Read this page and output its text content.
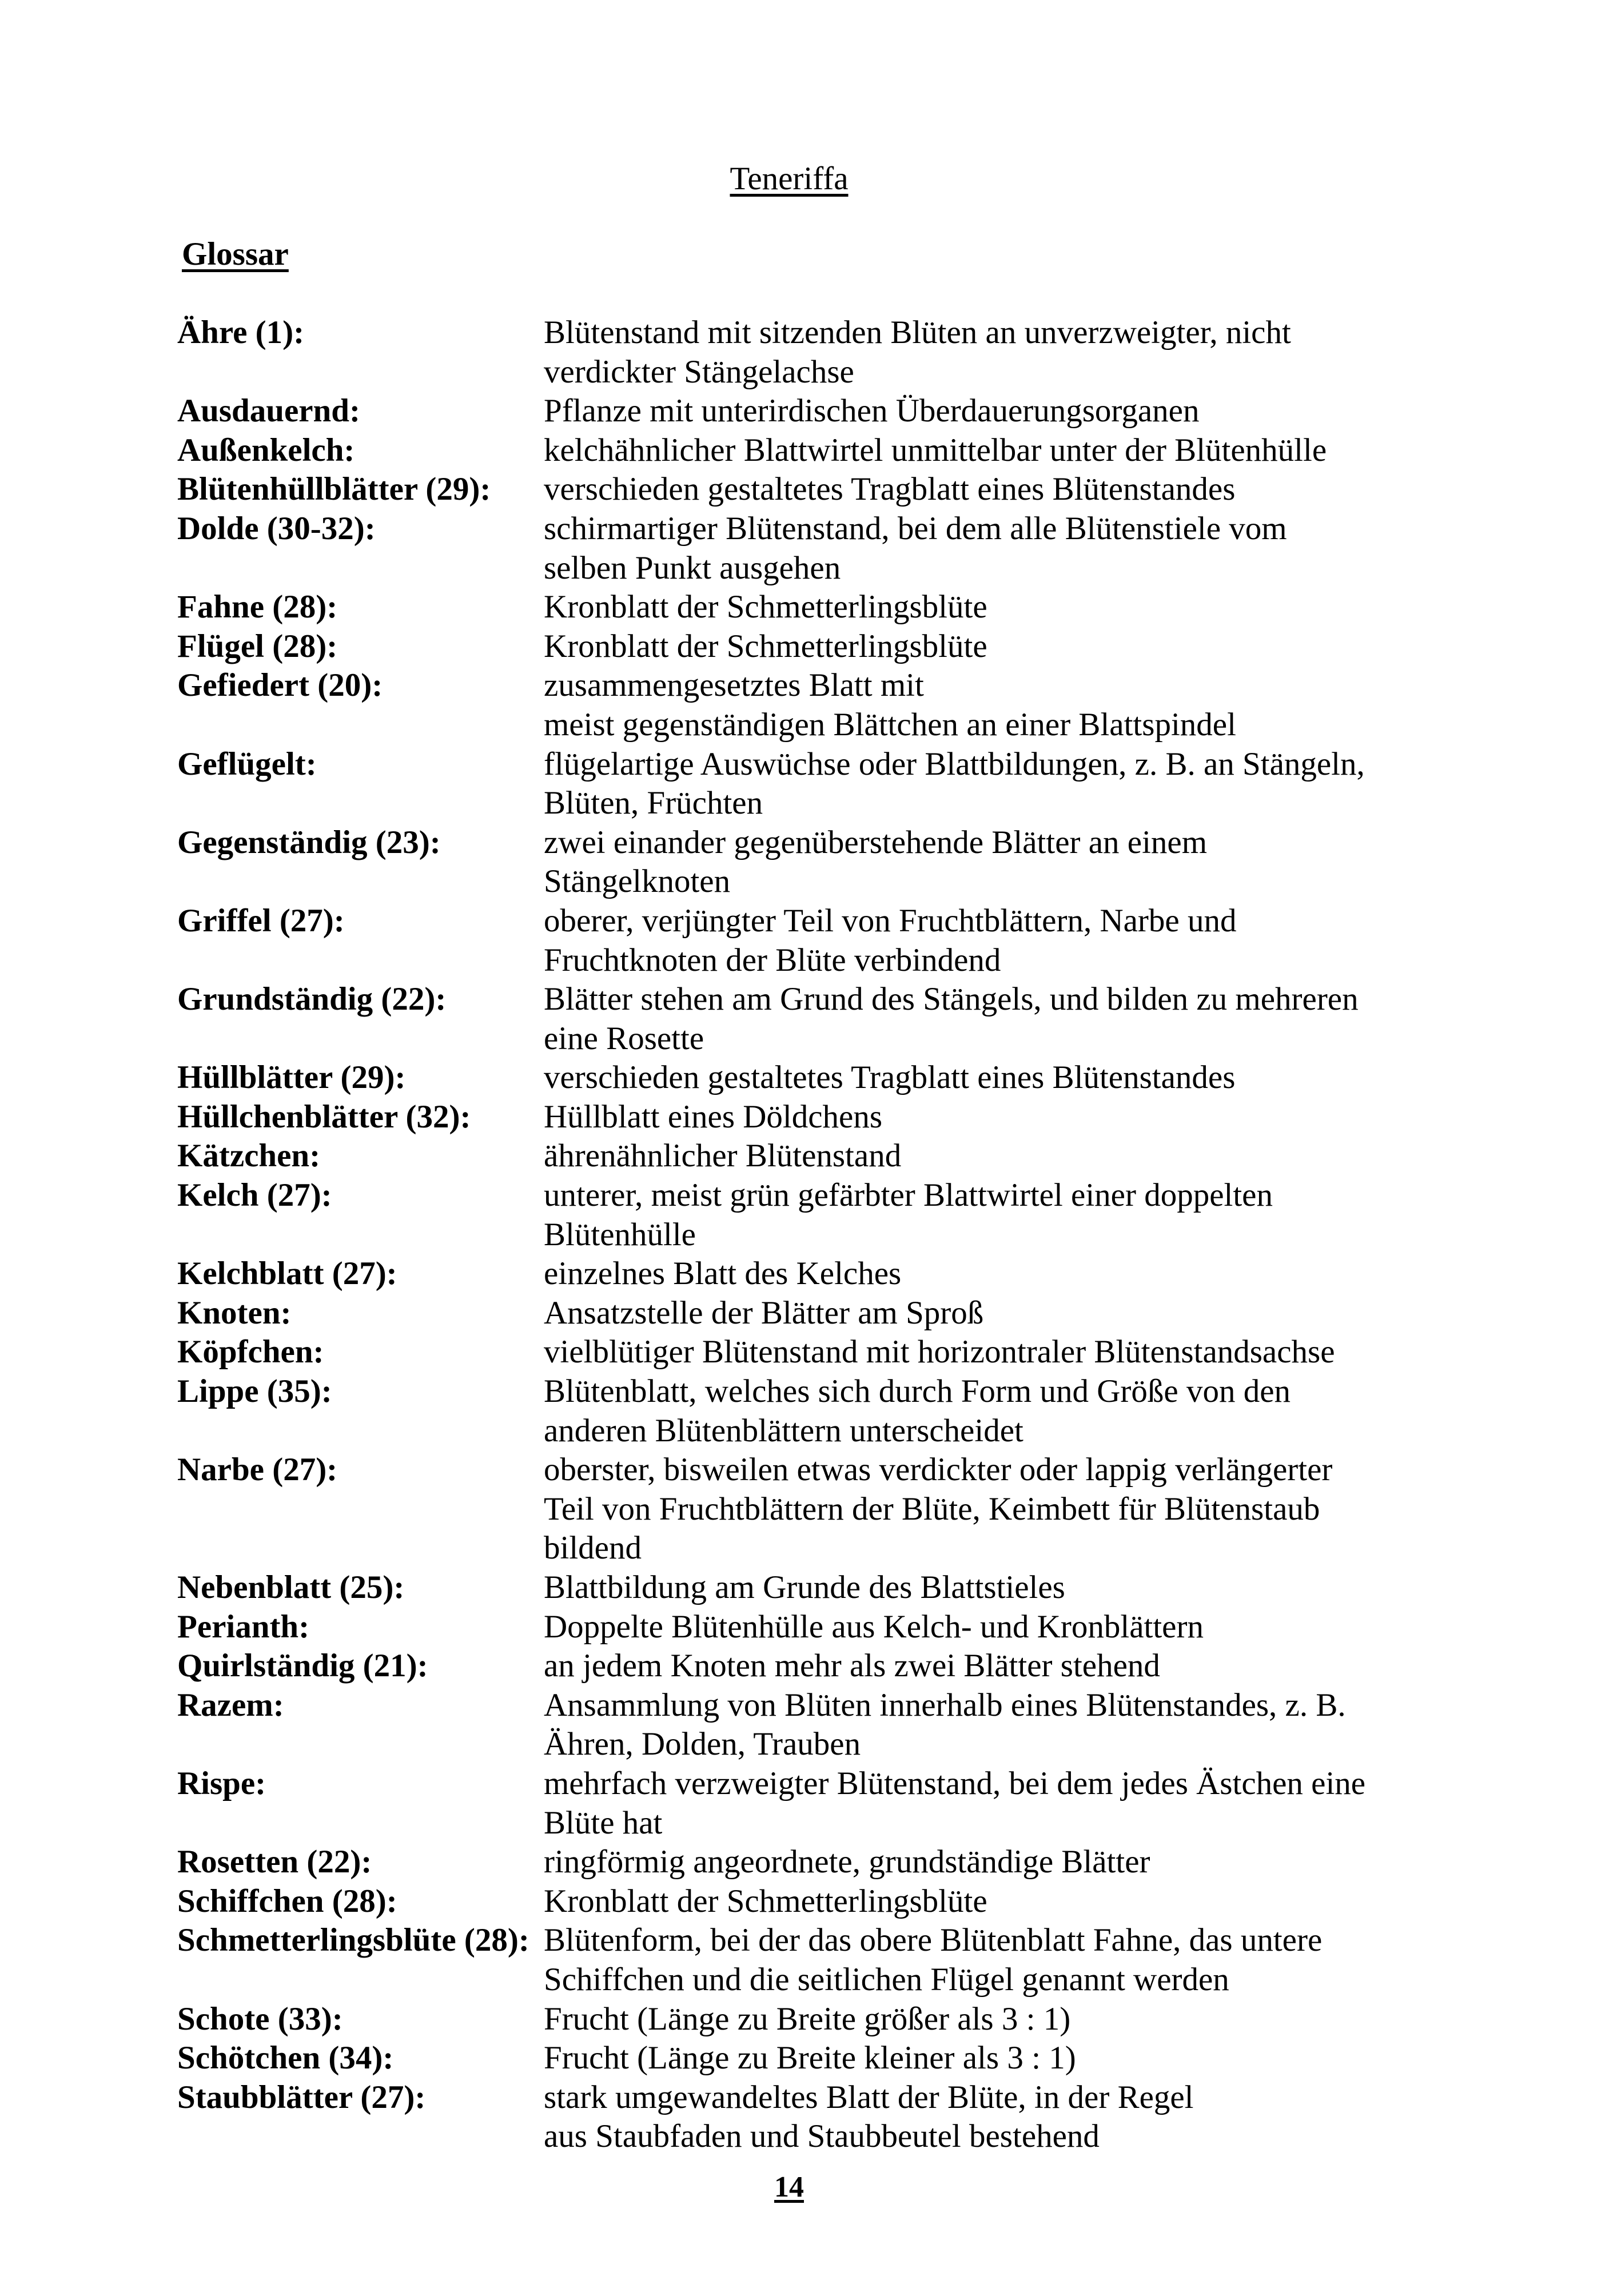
Teneriffa
Glossar
Ähre (1):	Blütenstand mit sitzenden Blüten an unverzweigter, nicht
verdickter Stängelachse
Ausdauernd:	Pflanze mit unterirdischen Überdauerungsorganen
Außenkelch:	kelchähnlicher Blattwirtel unmittelbar unter der Blütenhülle
Blütenhüllblätter (29):	verschieden gestaltetes Tragblatt eines Blütenstandes
Dolde (30-32):	schirmartiger Blütenstand, bei dem alle Blütenstiele vom
selben Punkt ausgehen
Fahne (28):	Kronblatt der Schmetterlingsblüte
Flügel (28):	Kronblatt der Schmetterlingsblüte
Gefiedert (20):	zusammengesetztes Blatt mit
meist gegenständigen Blättchen an einer Blattspindel
Geflügelt:	flügelartige Auswüchse oder Blattbildungen, z. B. an Stängeln,
Blüten, Früchten
Gegenständig (23):	zwei einander gegenüberstehende Blätter an einem
Stängelknoten
Griffel (27):	oberer, verjüngter Teil von Fruchtblättern, Narbe und
Fruchtknoten der Blüte verbindend
Grundständig (22):	Blätter stehen am Grund des Stängels, und bilden zu mehreren
eine Rosette
Hüllblätter (29):	verschieden gestaltetes Tragblatt eines Blütenstandes
Hüllchenblätter (32):	Hüllblatt eines Döldchens
Kätzchen:	ährenähnlicher Blütenstand
Kelch (27):	unterer, meist grün gefärbter Blattwirtel einer doppelten
Blütenhülle
Kelchblatt (27):	einzelnes Blatt des Kelches
Knoten:	Ansatzstelle der Blätter am Sproß
Köpfchen:	vielblütiger Blütenstand mit horizontraler Blütenstandsachse
Lippe (35):	Blütenblatt, welches sich durch Form und Größe von den
anderen Blütenblättern unterscheidet
Narbe (27):	oberster, bisweilen etwas verdickter oder lappig verlängerter
Teil von Fruchtblättern der Blüte, Keimbett für Blütenstaub
bildend
Nebenblatt (25):	Blattbildung am Grunde des Blattstieles
Perianth:	Doppelte Blütenhülle aus Kelch- und Kronblättern
Quirlständig (21):	an jedem Knoten mehr als zwei Blätter stehend
Razem:	Ansammlung von Blüten innerhalb eines Blütenstandes, z. B.
Ähren, Dolden, Trauben
Rispe:	mehrfach verzweigter Blütenstand, bei dem jedes Ästchen eine
Blüte hat
Rosetten (22):	ringförmig angeordnete, grundständige Blätter
Schiffchen (28):	Kronblatt der Schmetterlingsblüte
Schmetterlingsblüte (28): Blütenform, bei der das obere Blütenblatt Fahne, das untere
Schiffchen und die seitlichen Flügel genannt werden
Schote (33):	Frucht (Länge zu Breite größer als 3 : 1)
Schötchen (34):	Frucht (Länge zu Breite kleiner als 3 : 1)
Staubblätter (27):	stark umgewandeltes Blatt der Blüte, in der Regel
aus Staubfaden und Staubbeutel bestehend
14
